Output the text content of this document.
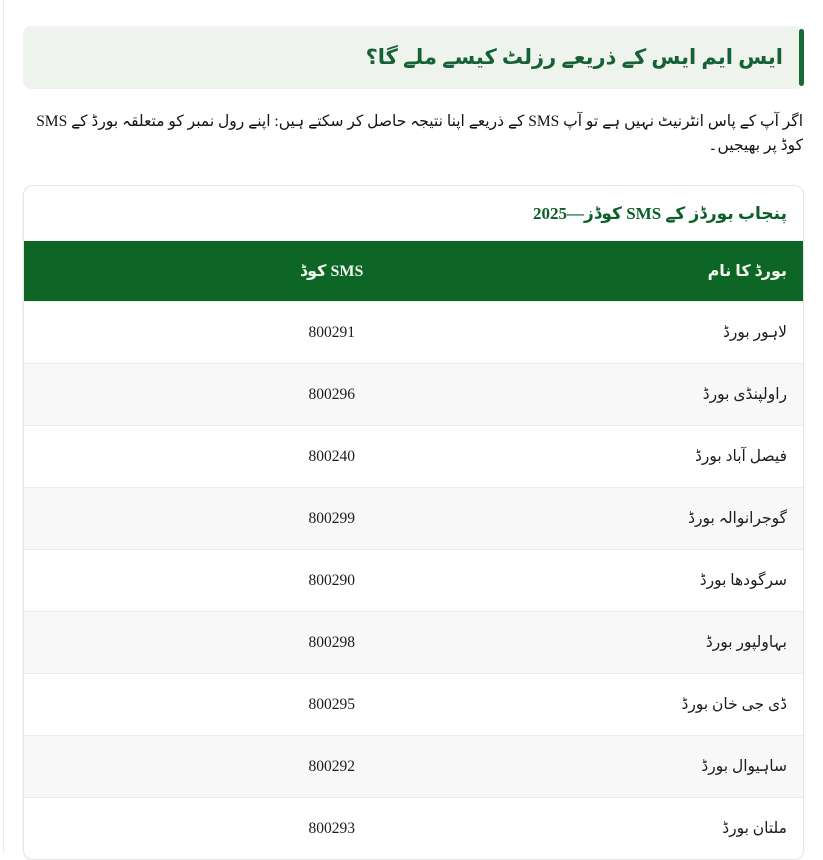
ایس ایم ایس کے ذریعے رزلٹ کیسے ملے گا؟

اگر آپ کے پاس انٹرنیٹ نہیں ہے تو آپ SMS کے ذریعے اپنا نتیجہ حاصل کر سکتے ہیں: اپنے رول نمبر کو متعلقہ بورڈ کے SMS کوڈ پر بھیجیں۔

پنجاب بورڈز کے SMS کوڈز—2025
بورڈ کا نام	SMS کوڈ
لاہور بورڈ	800291
راولپنڈی بورڈ	800296
فیصل آباد بورڈ	800240
گوجرانوالہ بورڈ	800299
سرگودھا بورڈ	800290
بہاولپور بورڈ	800298
ڈی جی خان بورڈ	800295
ساہیوال بورڈ	800292
ملتان بورڈ	800293
